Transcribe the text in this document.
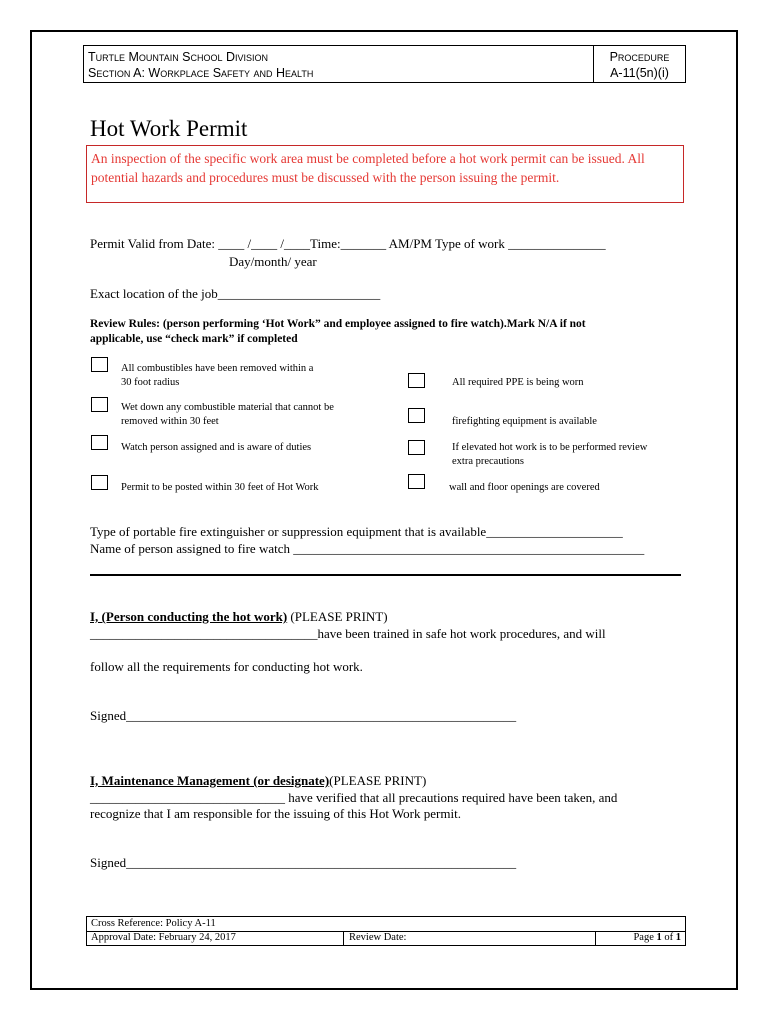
Turtle Mountain School Division
Section A: Workplace Safety and Health
Procedure
A-11(5n)(i)
Hot Work Permit
An inspection of the specific work area must be completed before a hot work permit can be issued. All potential hazards and procedures must be discussed with the person issuing the permit.
Permit Valid from Date: ____ /____ /____Time:_______ AM/PM Type of work _______________
Day/month/ year
Exact location of the job_________________________
Review Rules: (person performing ‘Hot Work” and employee assigned to fire watch).Mark N/A if not
applicable, use “check mark” if completed
All combustibles have been removed within a
30 foot radius
Wet down any combustible material that cannot be
removed within 30 feet
Watch person assigned and is aware of duties
Permit to be posted within 30 feet of Hot Work
All required PPE is being worn
firefighting equipment is available
If elevated hot work is to be performed review
extra precautions
wall and floor openings are covered
Type of portable fire extinguisher or suppression equipment that is available_____________________
Name of person assigned to fire watch ______________________________________________________
I, (Person conducting the hot work) (PLEASE PRINT)
___________________________________have been trained in safe hot work procedures, and will
follow all the requirements for conducting hot work.
Signed____________________________________________________________
I, Maintenance Management (or designate)(PLEASE PRINT)
______________________________ have verified that all precautions required have been taken, and
recognize that I am responsible for the issuing of this Hot Work permit.
Signed____________________________________________________________
Cross Reference: Policy A-11
Approval Date: February 24, 2017	Review Date:	Page 1 of 1
